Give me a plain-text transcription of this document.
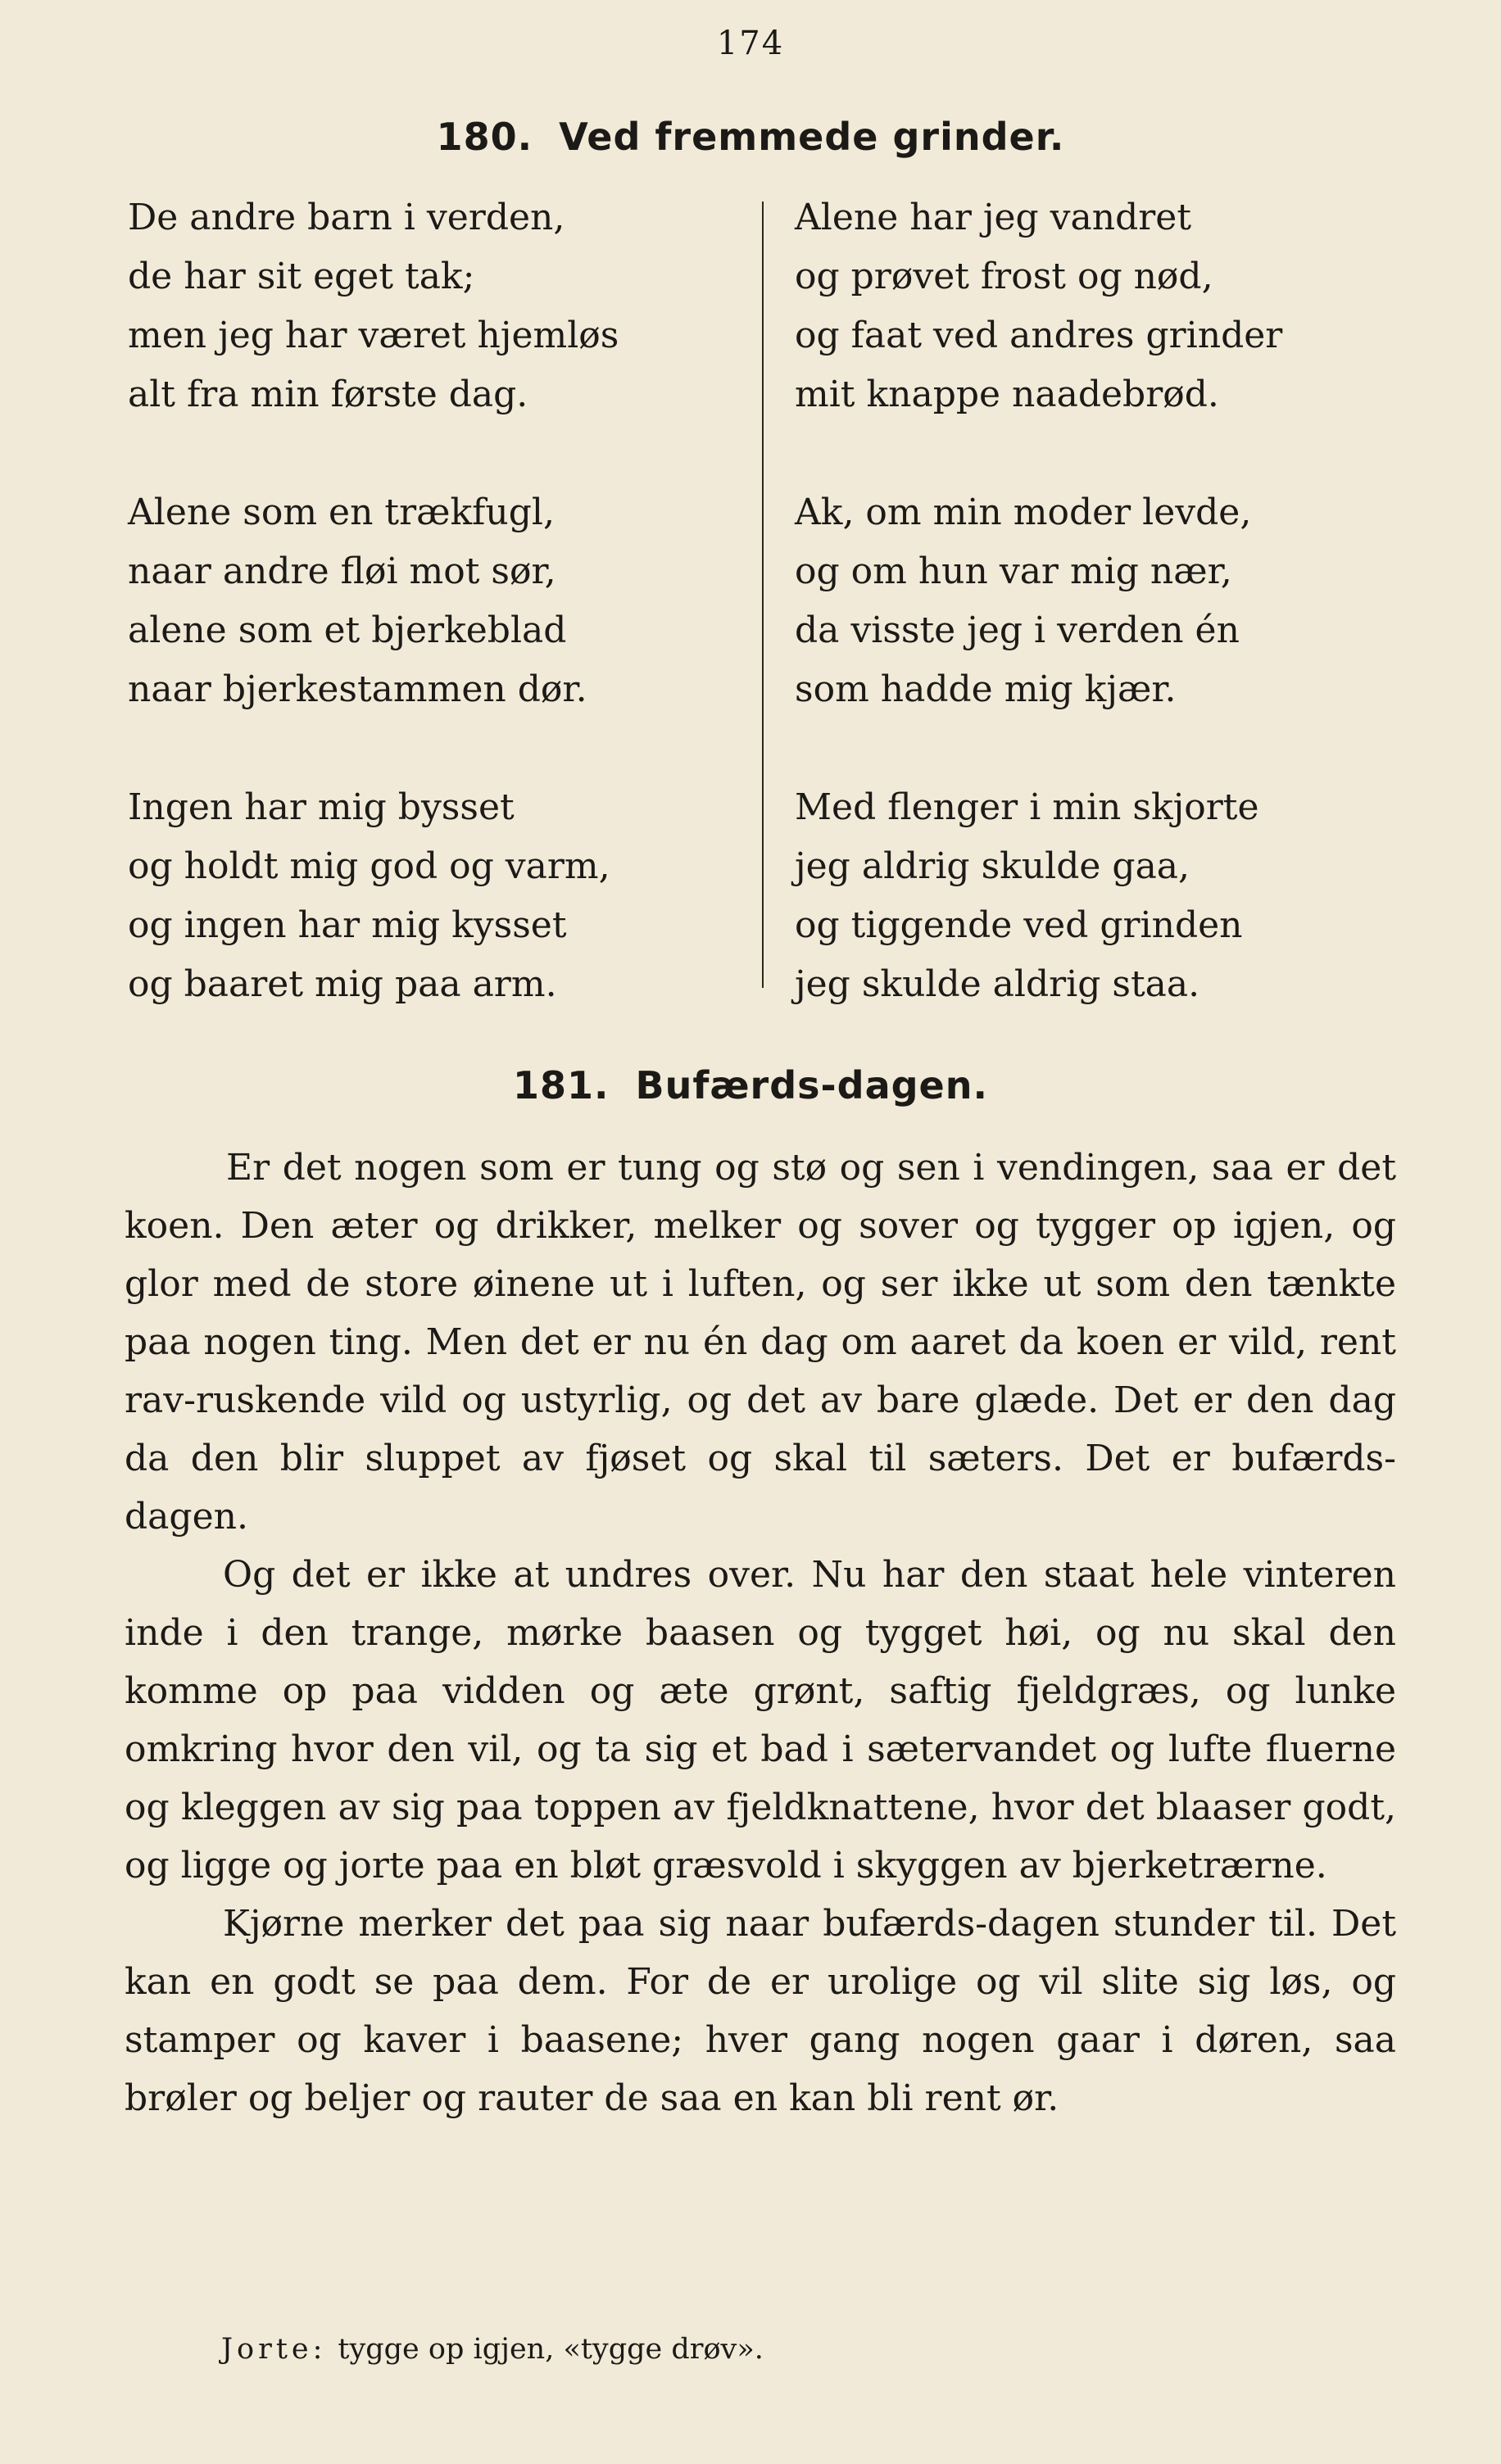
174
180. Ved fremmede grinder.
De andre barn i verden,
de har sit eget tak;
men jeg har været hjemløs
alt fra min første dag.
Alene som en trækfugl,
naar andre fløi mot sør,
alene som et bjerkeblad
naar bjerkestammen dør.
Ingen har mig bysset
og holdt mig god og varm,
og ingen har mig kysset
og baaret mig paa arm.
Alene har jeg vandret
og prøvet frost og nød,
og faat ved andres grinder
mit knappe naadebrød.
Ak, om min moder levde,
og om hun var mig nær,
da visste jeg i verden én
som hadde mig kjær.
Med flenger i min skjorte
jeg aldrig skulde gaa,
og tiggende ved grinden
jeg skulde aldrig staa.
181. Bufærds-dagen.

Er det nogen som er tung og stø og sen i vendingen, saa er det koen. Den æter og drikker, melker og sover og tygger op igjen, og glor med de store øinene ut i luften, og ser ikke ut som den tænkte paa nogen ting. Men det er nu én dag om aaret da koen er vild, rent rav-ruskende vild og ustyrlig, og det av bare glæde. Det er den dag da den blir sluppet av fjøset og skal til sæters. Det er bufærds-dagen.

Og det er ikke at undres over. Nu har den staat hele vinteren inde i den trange, mørke baasen og tygget høi, og nu skal den komme op paa vidden og æte grønt, saftig fjeldgræs, og lunke omkring hvor den vil, og ta sig et bad i sætervandet og lufte fluerne og kleggen av sig paa toppen av fjeldknattene, hvor det blaaser godt, og ligge og jorte paa en bløt græsvold i skyggen av bjerketrærne.

Kjørne merker det paa sig naar bufærds-dagen stunder til. Det kan en godt se paa dem. For de er urolige og vil slite sig løs, og stamper og kaver i baasene; hver gang nogen gaar i døren, saa brøler og beljer og rauter de saa en kan bli rent ør.

Jorte: tygge op igjen, «tygge drøv».
